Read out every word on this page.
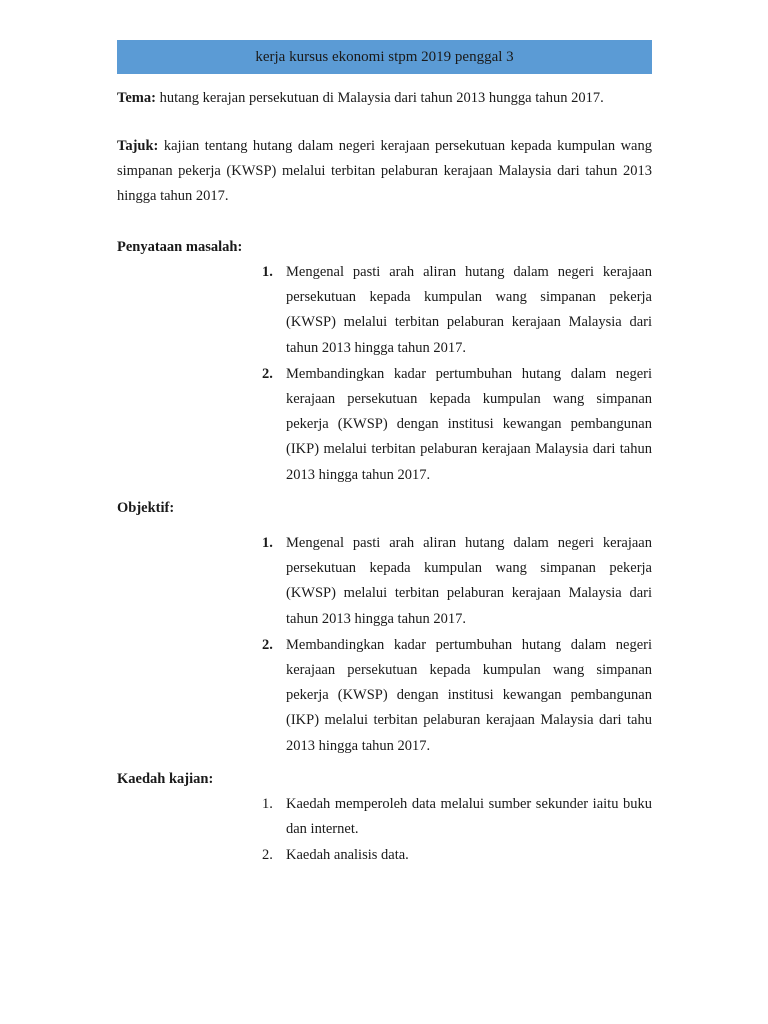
kerja kursus ekonomi stpm 2019 penggal 3
Tema: hutang kerajan persekutuan di Malaysia dari tahun 2013 hungga tahun 2017.
Tajuk: kajian tentang hutang dalam negeri kerajaan persekutuan kepada kumpulan wang simpanan pekerja (KWSP) melalui terbitan pelaburan kerajaan Malaysia dari tahun 2013 hingga tahun 2017.
Penyataan masalah:
1. Mengenal pasti arah aliran hutang dalam negeri kerajaan persekutuan kepada kumpulan wang simpanan pekerja (KWSP) melalui terbitan pelaburan kerajaan Malaysia dari tahun 2013 hingga tahun 2017.
2. Membandingkan kadar pertumbuhan hutang dalam negeri kerajaan persekutuan kepada kumpulan wang simpanan pekerja (KWSP) dengan institusi kewangan pembangunan (IKP) melalui terbitan pelaburan kerajaan Malaysia dari tahun 2013 hingga tahun 2017.
Objektif:
1. Mengenal pasti arah aliran hutang dalam negeri kerajaan persekutuan kepada kumpulan wang simpanan pekerja (KWSP) melalui terbitan pelaburan kerajaan Malaysia dari tahun 2013 hingga tahun 2017.
2. Membandingkan kadar pertumbuhan hutang dalam negeri kerajaan persekutuan kepada kumpulan wang simpanan pekerja (KWSP) dengan institusi kewangan pembangunan (IKP) melalui terbitan pelaburan kerajaan Malaysia dari tahu 2013 hingga tahun 2017.
Kaedah kajian:
1. Kaedah memperoleh data melalui sumber sekunder iaitu buku dan internet.
2. Kaedah analisis data.
